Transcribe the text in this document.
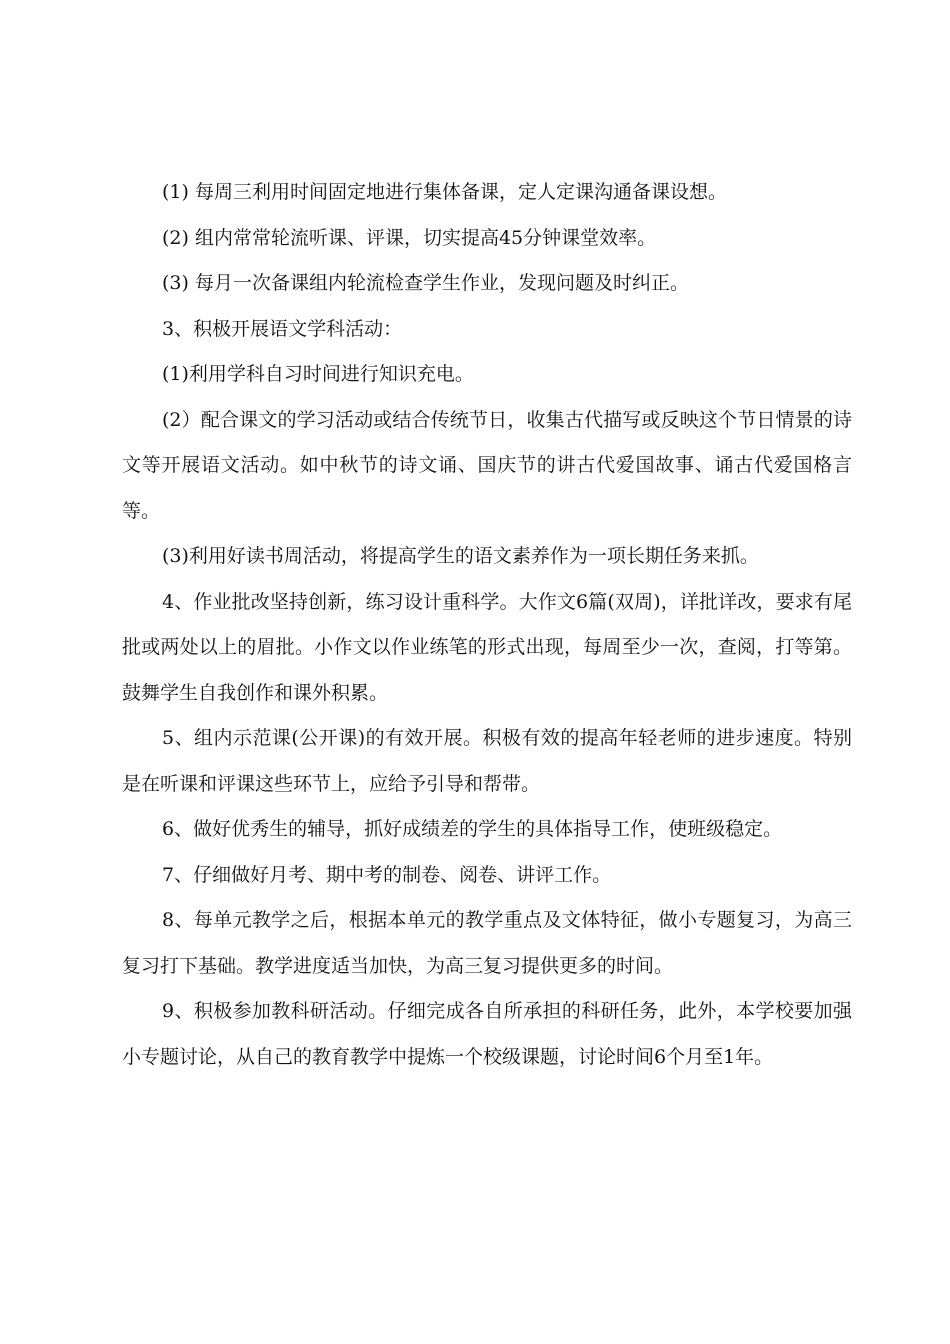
(1) 每周三利用时间固定地进行集体备课，定人定课沟通备课设想。

(2) 组内常常轮流听课、评课，切实提高45分钟课堂效率。

(3) 每月一次备课组内轮流检查学生作业，发现问题及时纠正。

3、积极开展语文学科活动：

(1)利用学科自习时间进行知识充电。

(2）配合课文的学习活动或结合传统节日，收集古代描写或反映这个节日情景的诗文等开展语文活动。如中秋节的诗文诵、国庆节的讲古代爱国故事、诵古代爱国格言等。

(3)利用好读书周活动，将提高学生的语文素养作为一项长期任务来抓。

4、作业批改坚持创新，练习设计重科学。大作文6篇(双周)，详批详改，要求有尾批或两处以上的眉批。小作文以作业练笔的形式出现，每周至少一次，查阅，打等第。鼓舞学生自我创作和课外积累。

5、组内示范课(公开课)的有效开展。积极有效的提高年轻老师的进步速度。特别是在听课和评课这些环节上，应给予引导和帮带。

6、做好优秀生的辅导，抓好成绩差的学生的具体指导工作，使班级稳定。

7、仔细做好月考、期中考的制卷、阅卷、讲评工作。

8、每单元教学之后，根据本单元的教学重点及文体特征，做小专题复习，为高三复习打下基础。教学进度适当加快，为高三复习提供更多的时间。

9、积极参加教科研活动。仔细完成各自所承担的科研任务，此外，本学校要加强小专题讨论，从自己的教育教学中提炼一个校级课题，讨论时间6个月至1年。
